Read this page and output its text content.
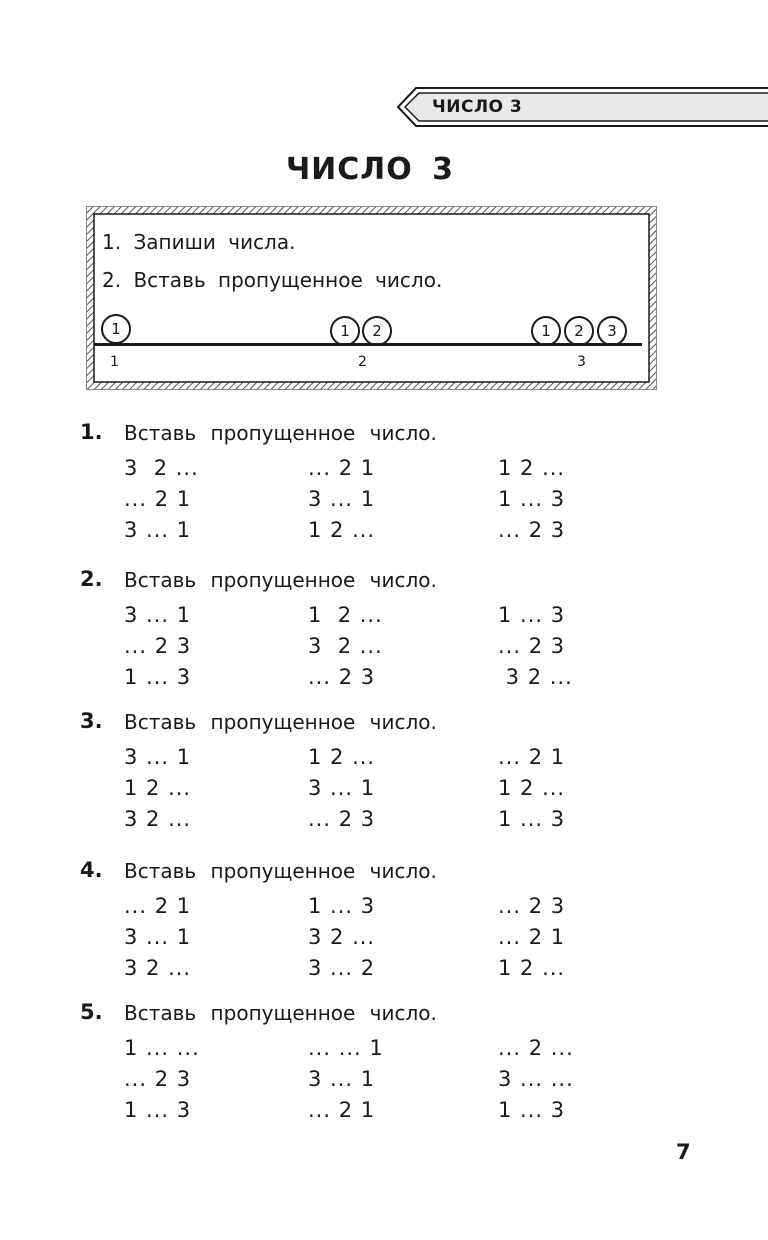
ЧИСЛО 3
ЧИСЛО 3
1. Запиши числа.
2. Вставь пропущенное число.
1	1	2	1	2	3
1	2	3
1. Вставь пропущенное число.
3  2 ...	... 2 1	1 2 ...
... 2 1	3 ... 1	1 ... 3
3 ... 1	1 2 ...	... 2 3
2. Вставь пропущенное число.
3 ... 1	1  2 ...	1 ... 3
... 2 3	3  2 ...	... 2 3
1 ... 3	... 2 3	3 2 ...
3. Вставь пропущенное число.
3 ... 1	1 2 ...	... 2 1
1 2 ...	3 ... 1	1 2 ...
3 2 ...	... 2 3	1 ... 3
4. Вставь пропущенное число.
... 2 1	1 ... 3	... 2 3
3 ... 1	3 2 ...	... 2 1
3 2 ...	3 ... 2	1 2 ...
5. Вставь пропущенное число.
1 ... ...	... ... 1	... 2 ...
... 2 3	3 ... 1	3 ... ...
1 ... 3	... 2 1	1 ... 3
7
